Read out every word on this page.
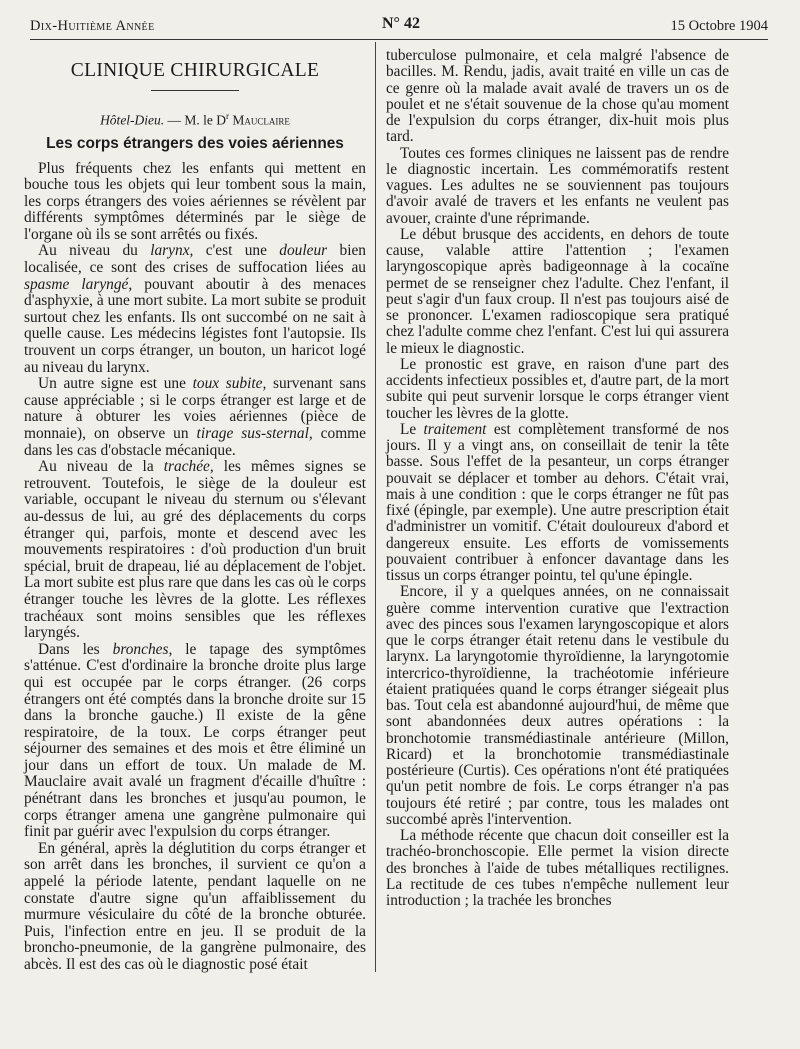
Dix-Huitième Année	N° 42	15 Octobre 1904
CLINIQUE CHIRURGICALE
Hôtel-Dieu. — M. le $D^r$ Mauclaire
Les corps étrangers des voies aériennes

Plus fréquents chez les enfants qui mettent en bouche tous les objets qui leur tombent sous la main, les corps étrangers des voies aériennes se révèlent par différents symptômes déterminés par le siège de l'organe où ils se sont arrêtés ou fixés.

Au niveau du larynx, c'est une douleur bien localisée, ce sont des crises de suffocation liées au spasme laryngé, pouvant aboutir à des menaces d'asphyxie, à une mort subite. La mort subite se produit surtout chez les enfants. Ils ont succombé on ne sait à quelle cause. Les médecins légistes font l'autopsie. Ils trouvent un corps étranger, un bouton, un haricot logé au niveau du larynx.

Un autre signe est une toux subite, survenant sans cause appréciable ; si le corps étranger est large et de nature à obturer les voies aériennes (pièce de monnaie), on observe un tirage sus-sternal, comme dans les cas d'obstacle mécanique.

Au niveau de la trachée, les mêmes signes se retrouvent. Toutefois, le siège de la douleur est variable, occupant le niveau du sternum ou s'élevant au-dessus de lui, au gré des déplacements du corps étranger qui, parfois, monte et descend avec les mouvements respiratoires : d'où production d'un bruit spécial, bruit de drapeau, lié au déplacement de l'objet. La mort subite est plus rare que dans les cas où le corps étranger touche les lèvres de la glotte. Les réflexes trachéaux sont moins sensibles que les réflexes laryngés.

Dans les bronches, le tapage des symptômes s'atténue. C'est d'ordinaire la bronche droite plus large qui est occupée par le corps étranger. (26 corps étrangers ont été comptés dans la bronche droite sur 15 dans la bronche gauche.) Il existe de la gêne respiratoire, de la toux. Le corps étranger peut séjourner des semaines et des mois et être éliminé un jour dans un effort de toux. Un malade de M. Mauclaire avait avalé un fragment d'écaille d'huître : pénétrant dans les bronches et jusqu'au poumon, le corps étranger amena une gangrène pulmonaire qui finit par guérir avec l'expulsion du corps étranger.

En général, après la déglutition du corps étranger et son arrêt dans les bronches, il survient ce qu'on a appelé la période latente, pendant laquelle on ne constate d'autre signe qu'un affaiblissement du murmure vésiculaire du côté de la bronche obturée. Puis, l'infection entre en jeu. Il se produit de la broncho-pneumonie, de la gangrène pulmonaire, des abcès. Il est des cas où le diagnostic posé était

tuberculose pulmonaire, et cela malgré l'absence de bacilles. M. Rendu, jadis, avait traité en ville un cas de ce genre où la malade avait avalé de travers un os de poulet et ne s'était souvenue de la chose qu'au moment de l'expulsion du corps étranger, dix-huit mois plus tard.

Toutes ces formes cliniques ne laissent pas de rendre le diagnostic incertain. Les commémoratifs restent vagues. Les adultes ne se souviennent pas toujours d'avoir avalé de travers et les enfants ne veulent pas avouer, crainte d'une réprimande.

Le début brusque des accidents, en dehors de toute cause, valable attire l'attention ; l'examen laryngoscopique après badigeonnage à la cocaïne permet de se renseigner chez l'adulte. Chez l'enfant, il peut s'agir d'un faux croup. Il n'est pas toujours aisé de se prononcer. L'examen radioscopique sera pratiqué chez l'adulte comme chez l'enfant. C'est lui qui assurera le mieux le diagnostic.

Le pronostic est grave, en raison d'une part des accidents infectieux possibles et, d'autre part, de la mort subite qui peut survenir lorsque le corps étranger vient toucher les lèvres de la glotte.

Le traitement est complètement transformé de nos jours. Il y a vingt ans, on conseillait de tenir la tête basse. Sous l'effet de la pesanteur, un corps étranger pouvait se déplacer et tomber au dehors. C'était vrai, mais à une condition : que le corps étranger ne fût pas fixé (épingle, par exemple). Une autre prescription était d'administrer un vomitif. C'était douloureux d'abord et dangereux ensuite. Les efforts de vomissements pouvaient contribuer à enfoncer davantage dans les tissus un corps étranger pointu, tel qu'une épingle.

Encore, il y a quelques années, on ne connaissait guère comme intervention curative que l'extraction avec des pinces sous l'examen laryngoscopique et alors que le corps étranger était retenu dans le vestibule du larynx. La laryngotomie thyroïdienne, la laryngotomie intercrico-thyroïdienne, la trachéotomie inférieure étaient pratiquées quand le corps étranger siégeait plus bas. Tout cela est abandonné aujourd'hui, de même que sont abandonnées deux autres opérations : la bronchotomie transmédiastinale antérieure (Millon, Ricard) et la bronchotomie transmédiastinale postérieure (Curtis). Ces opérations n'ont été pratiquées qu'un petit nombre de fois. Le corps étranger n'a pas toujours été retiré ; par contre, tous les malades ont succombé après l'intervention.

La méthode récente que chacun doit conseiller est la trachéo-bronchoscopie. Elle permet la vision directe des bronches à l'aide de tubes métalliques rectilignes. La rectitude de ces tubes n'empêche nullement leur introduction ; la trachée les bronches
